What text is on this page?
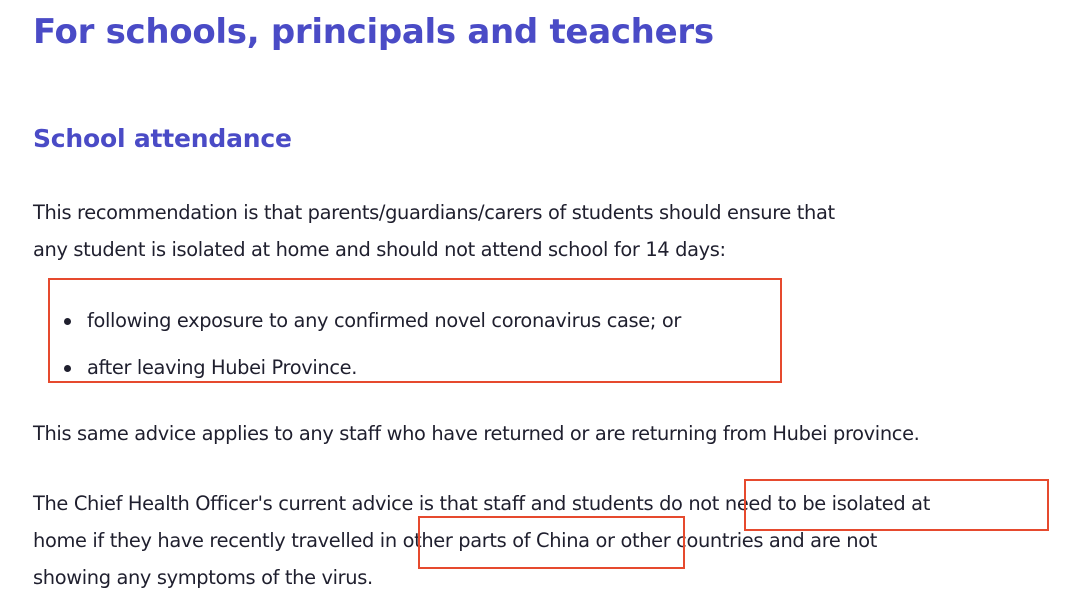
For schools, principals and teachers
School attendance

This recommendation is that parents/guardians/carers of students should ensure that
any student is isolated at home and should not attend school for 14 days:

following exposure to any confirmed novel coronavirus case; or
after leaving Hubei Province.

This same advice applies to any staff who have returned or are returning from Hubei province.

The Chief Health Officer's current advice is that staff and students do not need to be isolated at
home if they have recently travelled in other parts of China or other countries and are not
showing any symptoms of the virus.
